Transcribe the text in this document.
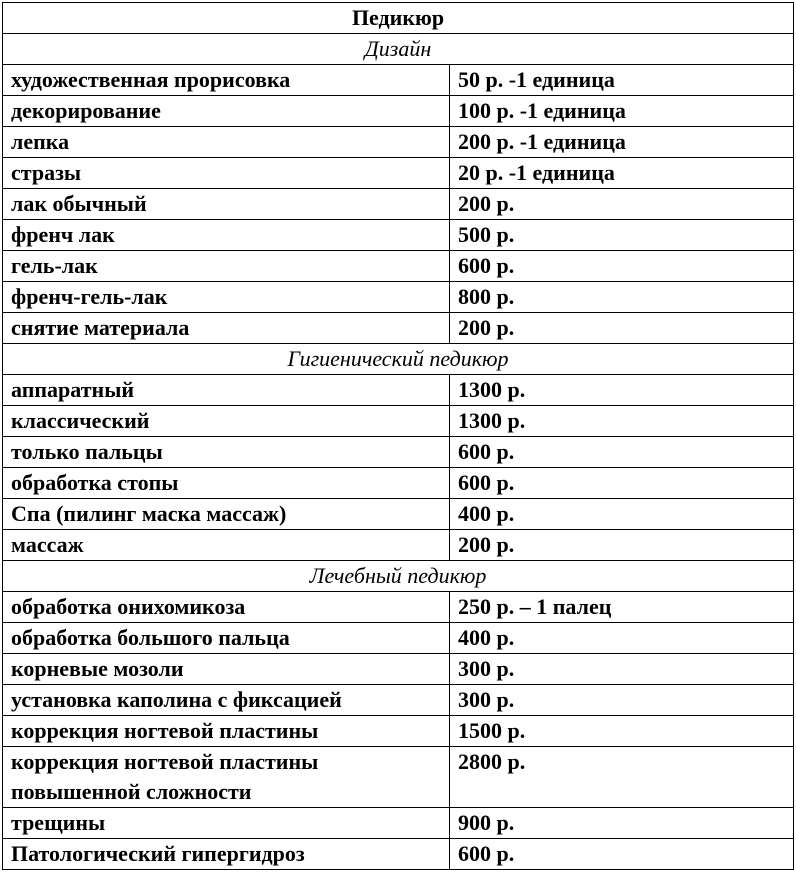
Педикюр	
Дизайн	
художественная прорисовка	50 р. -1 единица
декорирование	100 р. -1 единица
лепка	200 р. -1 единица
стразы	20 р. -1 единица
лак обычный	200 р.
френч лак	500 р.
гель-лак	600 р.
френч-гель-лак	800 р.
снятие материала	200 р.
Гигиенический педикюр	
аппаратный	1300 р.
классический	1300 р.
только пальцы	600 р.
обработка стопы	600 р.
Спа (пилинг маска массаж)	400 р.
массаж	200 р.
Лечебный педикюр	
обработка онихомикоза	250 р. – 1 палец
обработка большого пальца	400 р.
корневые мозоли	300 р.
установка каполина с фиксацией	300 р.
коррекция ногтевой пластины	1500 р.
коррекция ногтевой пластины повышенной сложности	2800 р.
трещины	900 р.
Патологический гипергидроз	600 р.
